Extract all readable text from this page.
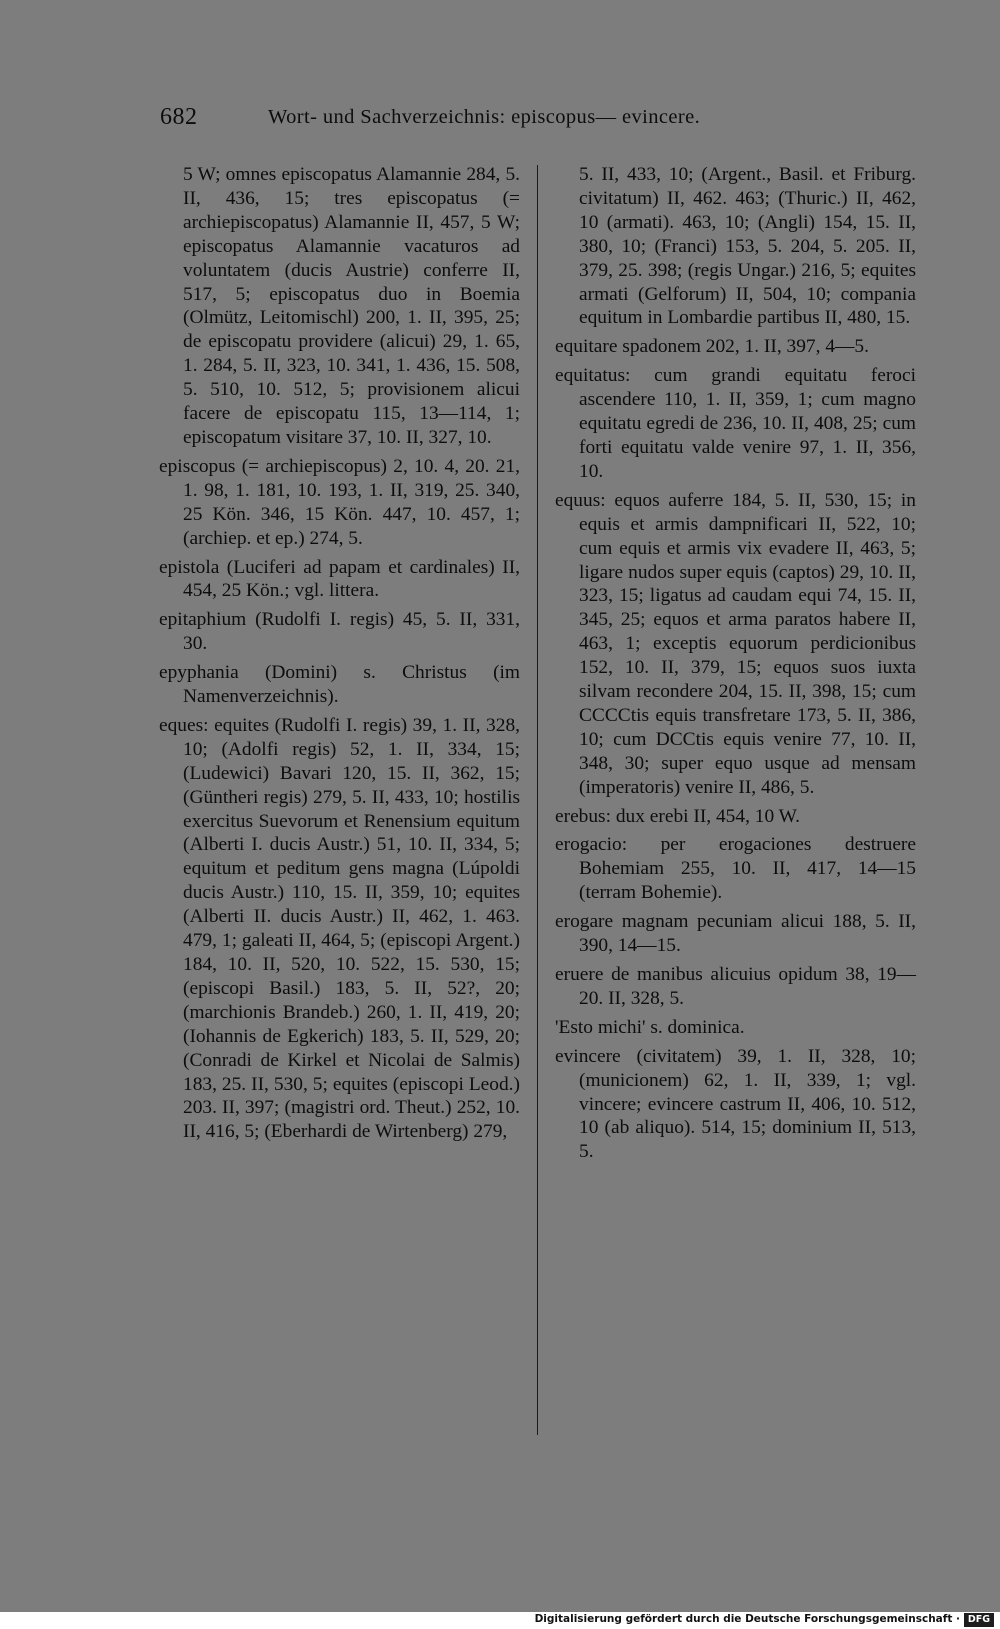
682	Wort- und Sachverzeichnis: episcopus— evincere.

5 W; omnes episcopatus Alamannie 284, 5. II, 436, 15; tres episcopatus (= archiepiscopatus) Alamannie II, 457, 5 W; episcopatus Alamannie vacaturos ad voluntatem (ducis Austrie) conferre II, 517, 5; episcopatus duo in Boemia (Olmütz, Leitomischl) 200, 1. II, 395, 25; de episcopatu providere (alicui) 29, 1. 65, 1. 284, 5. II, 323, 10. 341, 1. 436, 15. 508, 5. 510, 10. 512, 5; provisionem alicui facere de episcopatu 115, 13—114, 1; episcopatum visitare 37, 10. II, 327, 10.

episcopus (= archiepiscopus) 2, 10. 4, 20. 21, 1. 98, 1. 181, 10. 193, 1. II, 319, 25. 340, 25 Kön. 346, 15 Kön. 447, 10. 457, 1; (archiep. et ep.) 274, 5.

epistola (Luciferi ad papam et cardinales) II, 454, 25 Kön.; vgl. littera.

epitaphium (Rudolfi I. regis) 45, 5. II, 331, 30.

epyphania (Domini) s. Christus (im Namenverzeichnis).

eques: equites (Rudolfi I. regis) 39, 1. II, 328, 10; (Adolfi regis) 52, 1. II, 334, 15; (Ludewici) Bavari 120, 15. II, 362, 15; (Güntheri regis) 279, 5. II, 433, 10; hostilis exercitus Suevorum et Renensium equitum (Alberti I. ducis Austr.) 51, 10. II, 334, 5; equitum et peditum gens magna (Lúpoldi ducis Austr.) 110, 15. II, 359, 10; equites (Alberti II. ducis Austr.) II, 462, 1. 463. 479, 1; galeati II, 464, 5; (episcopi Argent.) 184, 10. II, 520, 10. 522, 15. 530, 15; (episcopi Basil.) 183, 5. II, 52?, 20; (marchionis Brandeb.) 260, 1. II, 419, 20; (Iohannis de Egkerich) 183, 5. II, 529, 20; (Conradi de Kirkel et Nicolai de Salmis) 183, 25. II, 530, 5; equites (episcopi Leod.) 203. II, 397; (magistri ord. Theut.) 252, 10. II, 416, 5; (Eberhardi de Wirtenberg) 279,

5. II, 433, 10; (Argent., Basil. et Friburg. civitatum) II, 462. 463; (Thuric.) II, 462, 10 (armati). 463, 10; (Angli) 154, 15. II, 380, 10; (Franci) 153, 5. 204, 5. 205. II, 379, 25. 398; (regis Ungar.) 216, 5; equites armati (Gelforum) II, 504, 10; compania equitum in Lombardie partibus II, 480, 15.

equitare spadonem 202, 1. II, 397, 4—5.

equitatus: cum grandi equitatu feroci ascendere 110, 1. II, 359, 1; cum magno equitatu egredi de 236, 10. II, 408, 25; cum forti equitatu valde venire 97, 1. II, 356, 10.

equus: equos auferre 184, 5. II, 530, 15; in equis et armis dampnificari II, 522, 10; cum equis et armis vix evadere II, 463, 5; ligare nudos super equis (captos) 29, 10. II, 323, 15; ligatus ad caudam equi 74, 15. II, 345, 25; equos et arma paratos habere II, 463, 1; exceptis equorum perdicionibus 152, 10. II, 379, 15; equos suos iuxta silvam recondere 204, 15. II, 398, 15; cum CCCCtis equis transfretare 173, 5. II, 386, 10; cum DCCtis equis venire 77, 10. II, 348, 30; super equo usque ad mensam (imperatoris) venire II, 486, 5.

erebus: dux erebi II, 454, 10 W.

erogacio: per erogaciones destruere Bohemiam 255, 10. II, 417, 14—15 (terram Bohemie).

erogare magnam pecuniam alicui 188, 5. II, 390, 14—15.

eruere de manibus alicuius opidum 38, 19—20. II, 328, 5.

'Esto michi' s. dominica.

evincere (civitatem) 39, 1. II, 328, 10; (municionem) 62, 1. II, 339, 1; vgl. vincere; evincere castrum II, 406, 10. 512, 10 (ab aliquo). 514, 15; dominium II, 513, 5.

Digitalisierung gefördert durch die Deutsche Forschungsgemeinschaft · DFG
